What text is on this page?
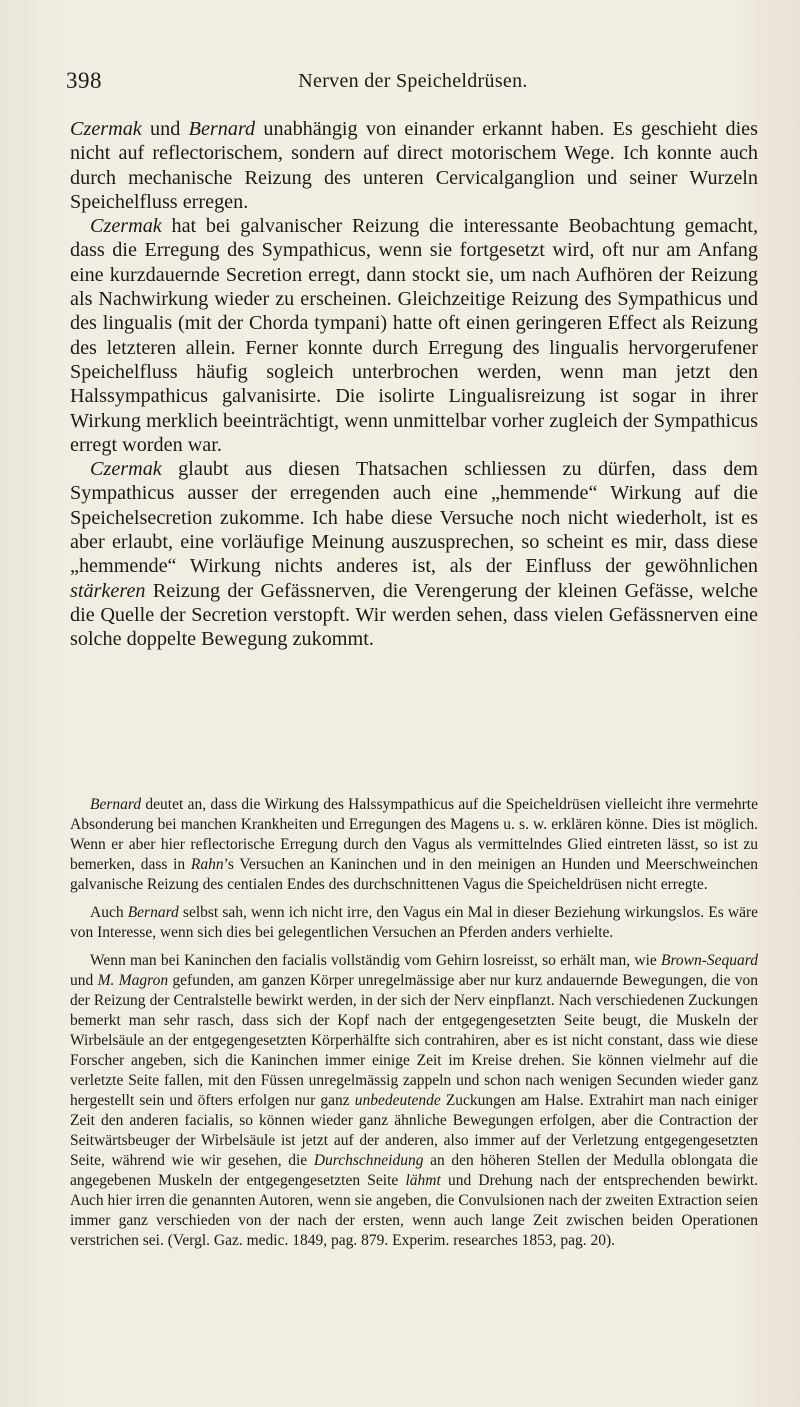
398	Nerven der Speicheldrüsen.

Czermak und Bernard unabhängig von einander erkannt haben. Es geschieht dies nicht auf reflectorischem, sondern auf direct motorischem Wege. Ich konnte auch durch mechanische Reizung des unteren Cervicalganglion und seiner Wurzeln Speichelfluss erregen.

Czermak hat bei galvanischer Reizung die interessante Beobachtung gemacht, dass die Erregung des Sympathicus, wenn sie fortgesetzt wird, oft nur am Anfang eine kurzdauernde Secretion erregt, dann stockt sie, um nach Aufhören der Reizung als Nachwirkung wieder zu erscheinen. Gleichzeitige Reizung des Sympathicus und des lingualis (mit der Chorda tympani) hatte oft einen geringeren Effect als Reizung des letzteren allein. Ferner konnte durch Erregung des lingualis hervorgerufener Speichelfluss häufig sogleich unterbrochen werden, wenn man jetzt den Halssympathicus galvanisirte. Die isolirte Lingualisreizung ist sogar in ihrer Wirkung merklich beeinträchtigt, wenn unmittelbar vorher zugleich der Sympathicus erregt worden war.

Czermak glaubt aus diesen Thatsachen schliessen zu dürfen, dass dem Sympathicus ausser der erregenden auch eine „hemmende“ Wirkung auf die Speichelsecretion zukomme. Ich habe diese Versuche noch nicht wiederholt, ist es aber erlaubt, eine vorläufige Meinung auszusprechen, so scheint es mir, dass diese „hemmende“ Wirkung nichts anderes ist, als der Einfluss der gewöhnlichen stärkeren Reizung der Gefässnerven, die Verengerung der kleinen Gefässe, welche die Quelle der Secretion verstopft. Wir werden sehen, dass vielen Gefässnerven eine solche doppelte Bewegung zukommt.

Bernard deutet an, dass die Wirkung des Halssympathicus auf die Speicheldrüsen vielleicht ihre vermehrte Absonderung bei manchen Krankheiten und Erregungen des Magens u. s. w. erklären könne. Dies ist möglich. Wenn er aber hier reflectorische Erregung durch den Vagus als vermittelndes Glied eintreten lässt, so ist zu bemerken, dass in Rahn’s Versuchen an Kaninchen und in den meinigen an Hunden und Meerschweinchen galvanische Reizung des centialen Endes des durchschnittenen Vagus die Speicheldrüsen nicht erregte.

Auch Bernard selbst sah, wenn ich nicht irre, den Vagus ein Mal in dieser Beziehung wirkungslos. Es wäre von Interesse, wenn sich dies bei gelegentlichen Versuchen an Pferden anders verhielte.

Wenn man bei Kaninchen den facialis vollständig vom Gehirn losreisst, so erhält man, wie Brown-Sequard und M. Magron gefunden, am ganzen Körper unregelmässige aber nur kurz andauernde Bewegungen, die von der Reizung der Centralstelle bewirkt werden, in der sich der Nerv einpflanzt. Nach verschiedenen Zuckungen bemerkt man sehr rasch, dass sich der Kopf nach der entgegengesetzten Seite beugt, die Muskeln der Wirbelsäule an der entgegengesetzten Körperhälfte sich contrahiren, aber es ist nicht constant, dass wie diese Forscher angeben, sich die Kaninchen immer einige Zeit im Kreise drehen. Sie können vielmehr auf die verletzte Seite fallen, mit den Füssen unregelmässig zappeln und schon nach wenigen Secunden wieder ganz hergestellt sein und öfters erfolgen nur ganz unbedeutende Zuckungen am Halse. Extrahirt man nach einiger Zeit den anderen facialis, so können wieder ganz ähnliche Bewegungen erfolgen, aber die Contraction der Seitwärtsbeuger der Wirbelsäule ist jetzt auf der anderen, also immer auf der Verletzung entgegengesetzten Seite, während wie wir gesehen, die Durchschneidung an den höheren Stellen der Medulla oblongata die angegebenen Muskeln der entgegengesetzten Seite lähmt und Drehung nach der entsprechenden bewirkt. Auch hier irren die genannten Autoren, wenn sie angeben, die Convulsionen nach der zweiten Extraction seien immer ganz verschieden von der nach der ersten, wenn auch lange Zeit zwischen beiden Operationen verstrichen sei. (Vergl. Gaz. medic. 1849, pag. 879. Experim. researches 1853, pag. 20).
